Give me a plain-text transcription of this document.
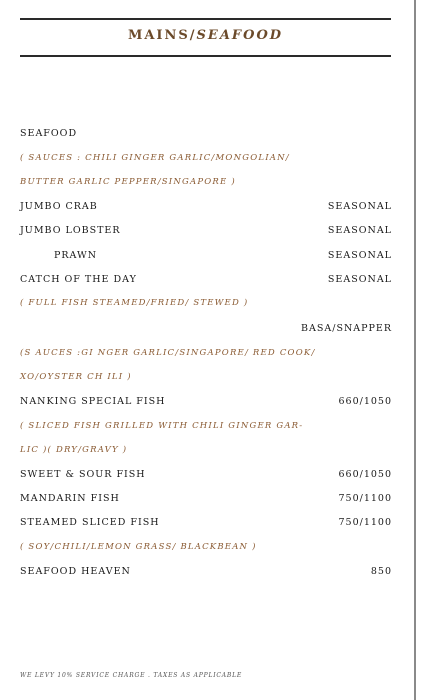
MAINS/SEAFOOD
SEAFOOD
( SAUCES : CHILI GINGER GARLIC/MONGOLIAN/
BUTTER GARLIC PEPPER/SINGAPORE )
JUMBO CRAB	SEASONAL
JUMBO LOBSTER	SEASONAL
PRAWN	SEASONAL
CATCH OF THE DAY	SEASONAL
( FULL FISH STEAMED/FRIED/ STEWED )
BASA/SNAPPER
(S AUCES :GI NGER GARLIC/SINGAPORE/ RED COOK/
XO/OYSTER CH ILI )
NANKING SPECIAL FISH	660/1050
( SLICED FISH GRILLED WITH CHILI GINGER GAR-
LIC )( DRY/GRAVY )
SWEET & SOUR FISH	660/1050
MANDARIN FISH	750/1100
STEAMED SLICED FISH	750/1100
( SOY/CHILI/LEMON GRASS/ BLACKBEAN )
SEAFOOD HEAVEN	850
WE LEVY 10% SERVICE CHARGE . TAXES AS APPLICABLE
